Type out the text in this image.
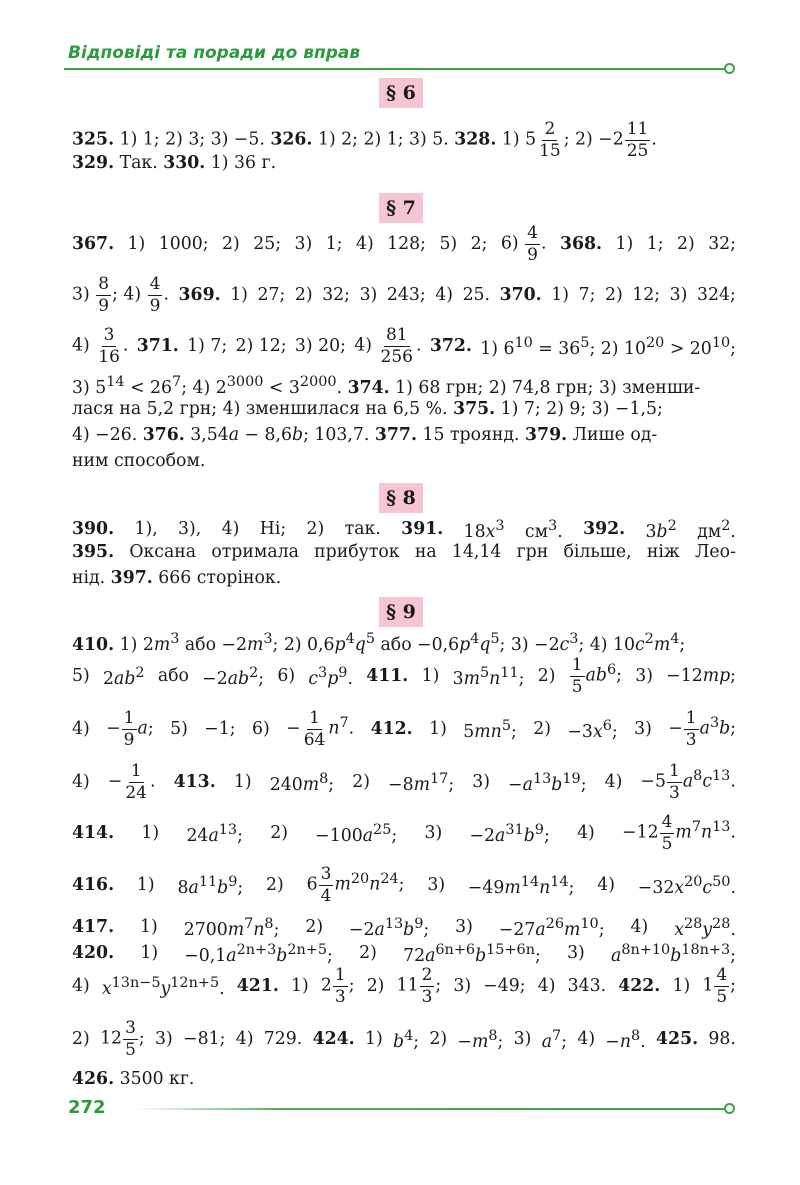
Відповіді та поради до вправ

§ 6
325. 1) 1; 2) 3; 3) −5. 326. 1) 2; 2) 1; 3) 5. 328. 1) $5 \frac{2}{15}$ ; $2) -2 \frac{11}{25}$ .
329. Так. 330. 1) 36 г.
§ 7
367. 1) 1000; 2) 25; 3) 1; 4) 128; 5) 2; $6) \frac{4}{9}$ . 368. 1) 1; 2) 32;
$3) \frac{8}{9}$ ; $4) \frac{4}{9}$ . 369. 1) 27; 2) 32; 3) 243; 4) 25. 370. 1) 7; 2) 12; 3) 324;
$4) \frac{3}{16}$ . 371. 1) 7; 2) 12; 3) 20; $4) \frac{81}{256}$ . 372. 1) $6^{10} = 36^5$; 2) $10^{20} > 20^{10}$;
3) $5^{14} < 26^7$; 4) $2^{3000} < 3^{2000}$. 374. 1) 68 грн; 2) 74,8 грн; 3) зменши-
лася на 5,2 грн; 4) зменшилася на 6,5 %. 375. 1) 7; 2) 9; 3) −1,5;
4) −26. 376. 3,54a − 8,6b; 103,7. 377. 15 троянд. 379. Лише од-
ним способом.
§ 8
390. 1), 3), 4) Ні; 2) так. 391. $18x^3$ $см^3$. 392. $3b^2$ $дм^2$.
395. Оксана отримала прибуток на 14,14 грн більше, ніж Лео-
нід. 397. 666 сторінок.
§ 9
410. 1) $2m^3$ або $-2m^3$; 2) $0,6p^4q^5$ або $-0,6p^4q^5$; $3) -2c^3$; 4) $10c^2m^4$;
5) $2ab^2$ або $-2ab^2$; 6) $c^3p^9$. 411. 1) $3m^5n^{11}$; $2) \frac{1}{5} ab^6$; 3) −12mp;
$4) - \frac{1}{9} a$; 5) −1; $6) - \frac{1}{64} n^7$. 412. 1) $5mn^5$; $2) -3x^6$; $3) - \frac{1}{3} a^3b$;
$4) - \frac{1}{24}$ . 413. 1) $240m^8$; $2) -8m^{17}$; $3) -a^{13}b^{19}$; $4) -5 \frac{1}{3} a^8c^{13}$.
414. 1) $24a^{13}$; $2) -100a^{25}$; $3) -2a^{31}b^9$; $4) -12 \frac{4}{5} m^7n^{13}$.
416. 1) $8a^{11}b^9$; 2) $6 \frac{3}{4} m^{20}n^{24}$; $3) -49m^{14}n^{14}$; $4) -32x^{20}c^{50}$.
417. 1) $2700m^7n^8$; $2) -2a^{13}b^9$; $3) -27a^{26}m^{10}$; 4) $x^{28}y^{28}$.
420. $1) -0,1a^{2n+3}b^{2n+5}$; 2) $72a^{6n+6}b^{15+6n}$; 3) $a^{8n+10}b^{18n+3}$;
4) $x^{13n-5}y^{12n+5}$. 421. 1) $2 \frac{1}{3}$ ; 2) $11 \frac{2}{3}$ ; 3) −49; 4) 343. 422. 1) $1 \frac{4}{5}$ ;
2) $12 \frac{3}{5}$ ; 3) −81; 4) 729. 424. 1) $b^4$; $2) -m^8$; 3) $a^7$; $4) -n^8$. 425. 98.
426. 3500 кг.

272
